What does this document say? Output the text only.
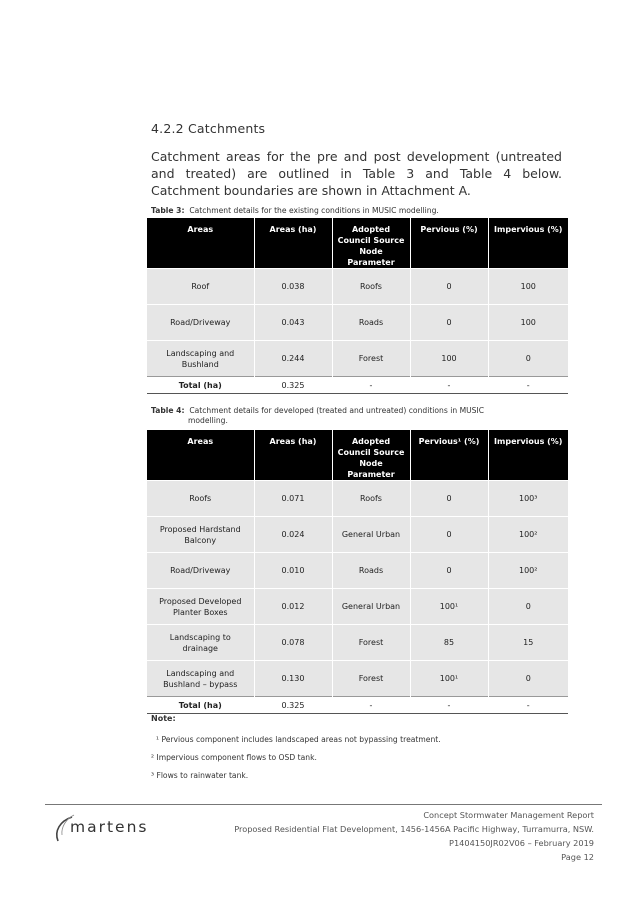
4.2.2 Catchments
Catchment areas for the pre and post development (untreated and treated) are outlined in Table 3 and Table 4 below. Catchment boundaries are shown in Attachment A.
Table 3: Catchment details for the existing conditions in MUSIC modelling.
Areas	Areas (ha)	Adopted Council Source Node Parameter	Pervious (%)	Impervious (%)
Roof	0.038	Roofs	0	100
Road/Driveway	0.043	Roads	0	100
Landscaping and Bushland	0.244	Forest	100	0
Total (ha)	0.325	-	-	-
Table 4: Catchment details for developed (treated and untreated) conditions in MUSIC
modelling.
Areas	Areas (ha)	Adopted Council Source Node Parameter	Pervious¹ (%)	Impervious (%)
Roofs	0.071	Roofs	0	100³
Proposed Hardstand Balcony	0.024	General Urban	0	100²
Road/Driveway	0.010	Roads	0	100²
Proposed Developed Planter Boxes	0.012	General Urban	100¹	0
Landscaping to drainage	0.078	Forest	85	15
Landscaping and Bushland – bypass	0.130	Forest	100¹	0
Total (ha)	0.325	-	-	-
Note:
¹ Pervious component includes landscaped areas not bypassing treatment.
² Impervious component flows to OSD tank.
³ Flows to rainwater tank.
martens
Concept Stormwater Management Report
Proposed Residential Flat Development, 1456-1456A Pacific Highway, Turramurra, NSW.
P1404150JR02V06 – February 2019
Page 12
